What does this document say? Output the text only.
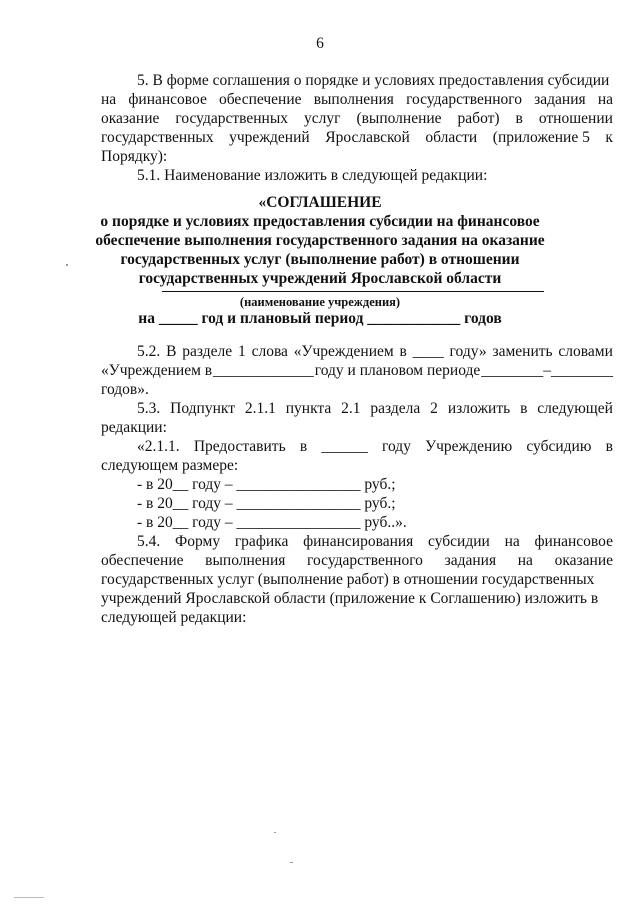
6
5. В форме соглашения о порядке и условиях предоставления субсидии
на финансовое обеспечение выполнения государственного задания на
оказание государственных услуг (выполнение работ) в отношении
государственных учреждений Ярославской области (приложение 5 к
Порядку):
5.1. Наименование изложить в следующей редакции:
«СОГЛАШЕНИЕ
о порядке и условиях предоставления субсидии на финансовое
обеспечение выполнения государственного задания на оказание
государственных услуг (выполнение работ) в отношении
государственных учреждений Ярославской области
(наименование учреждения)
на _____ год и плановый период ____________ годов
5.2. В разделе 1 слова «Учреждением в ____ году» заменить словами
«Учреждением в _____________ году и плановом периоде ________–________
годов».
5.3. Подпункт 2.1.1 пункта 2.1 раздела 2 изложить в следующей
редакции:
«2.1.1. Предоставить в ______ году Учреждению субсидию в
следующем размере:
- в 20__ году – ________________ руб.;
- в 20__ году – ________________ руб.;
- в 20__ году – ________________ руб..».
5.4. Форму графика финансирования субсидии на финансовое
обеспечение выполнения государственного задания на оказание
государственных услуг (выполнение работ) в отношении государственных
учреждений Ярославской области (приложение к Соглашению) изложить в
следующей редакции:
